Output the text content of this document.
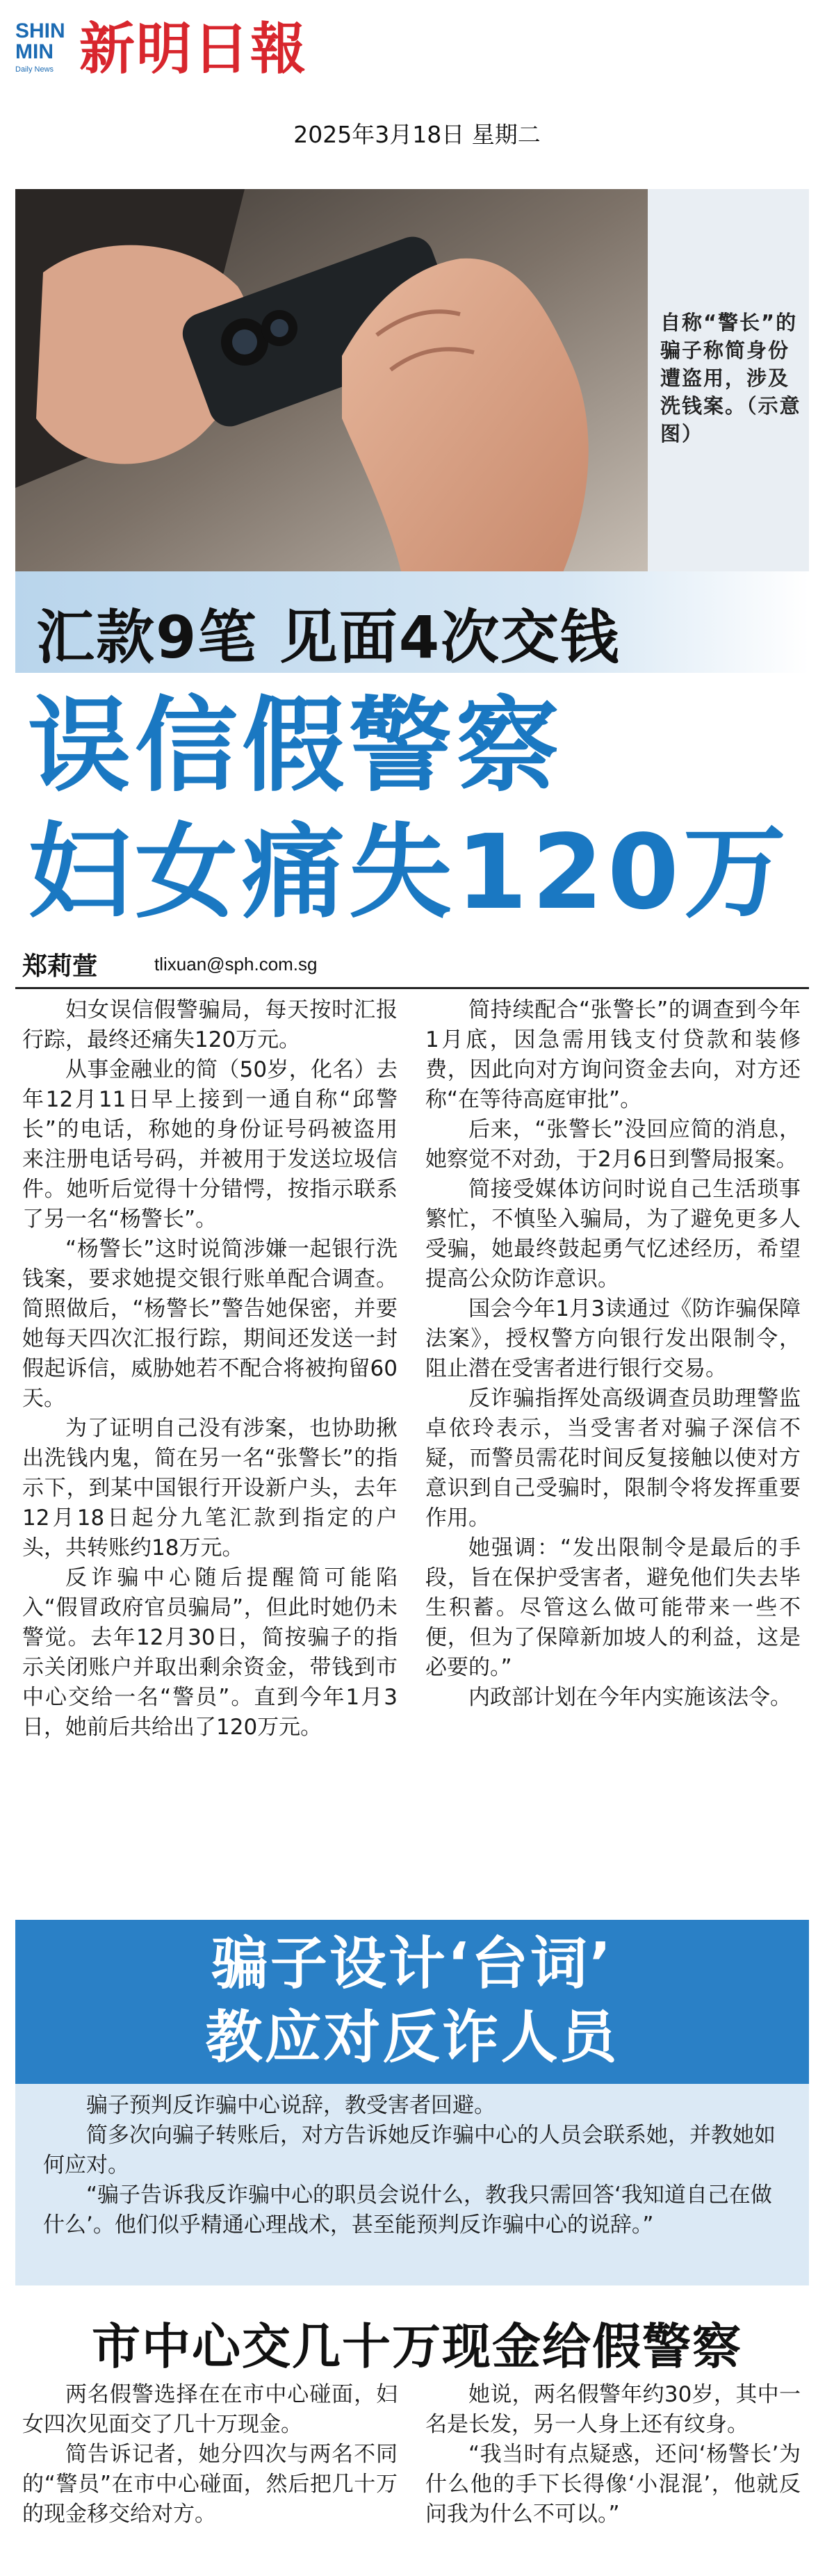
SHIN
MIN
Daily News 新明日報
2025年3月18日 星期二
自称“警长”的骗子称简身份遭盗用，涉及洗钱案。（示意图）
汇款9笔 见面4次交钱
误信假警察
妇女痛失120万
郑莉萱	tlixuan@sph.com.sg

妇女误信假警骗局，每天按时汇报行踪，最终还痛失120万元。

从事金融业的简（50岁，化名）去年12月11日早上接到一通自称“邱警长”的电话，称她的身份证号码被盗用来注册电话号码，并被用于发送垃圾信件。她听后觉得十分错愕，按指示联系了另一名“杨警长”。

“杨警长”这时说简涉嫌一起银行洗钱案，要求她提交银行账单配合调查。简照做后，“杨警长”警告她保密，并要她每天四次汇报行踪，期间还发送一封假起诉信，威胁她若不配合将被拘留60天。

为了证明自己没有涉案，也协助揪出洗钱内鬼，简在另一名“张警长”的指示下，到某中国银行开设新户头，去年12月18日起分九笔汇款到指定的户头，共转账约18万元。

反诈骗中心随后提醒简可能陷入“假冒政府官员骗局”，但此时她仍未警觉。去年12月30日，简按骗子的指示关闭账户并取出剩余资金，带钱到市中心交给一名“警员”。直到今年1月3日，她前后共给出了120万元。

简持续配合“张警长”的调查到今年1月底，因急需用钱支付贷款和装修费，因此向对方询问资金去向，对方还称“在等待高庭审批”。

后来，“张警长”没回应简的消息，她察觉不对劲，于2月6日到警局报案。

简接受媒体访问时说自己生活琐事繁忙，不慎坠入骗局，为了避免更多人受骗，她最终鼓起勇气忆述经历，希望提高公众防诈意识。

国会今年1月3读通过《防诈骗保障法案》，授权警方向银行发出限制令，阻止潜在受害者进行银行交易。

反诈骗指挥处高级调查员助理警监卓依玲表示，当受害者对骗子深信不疑，而警员需花时间反复接触以使对方意识到自己受骗时，限制令将发挥重要作用。

她强调：“发出限制令是最后的手段，旨在保护受害者，避免他们失去毕生积蓄。尽管这么做可能带来一些不便，但为了保障新加坡人的利益，这是必要的。”

内政部计划在今年内实施该法令。

骗子设计‘台词’
教应对反诈人员

骗子预判反诈骗中心说辞，教受害者回避。

简多次向骗子转账后，对方告诉她反诈骗中心的人员会联系她，并教她如何应对。

“骗子告诉我反诈骗中心的职员会说什么，教我只需回答‘我知道自己在做什么’。他们似乎精通心理战术，甚至能预判反诈骗中心的说辞。”

市中心交几十万现金给假警察

两名假警选择在在市中心碰面，妇女四次见面交了几十万现金。

简告诉记者，她分四次与两名不同的“警员”在市中心碰面，然后把几十万的现金移交给对方。

她说，两名假警年约30岁，其中一名是长发，另一人身上还有纹身。

“我当时有点疑惑，还问‘杨警长’为什么他的手下长得像‘小混混’，他就反问我为什么不可以。”
